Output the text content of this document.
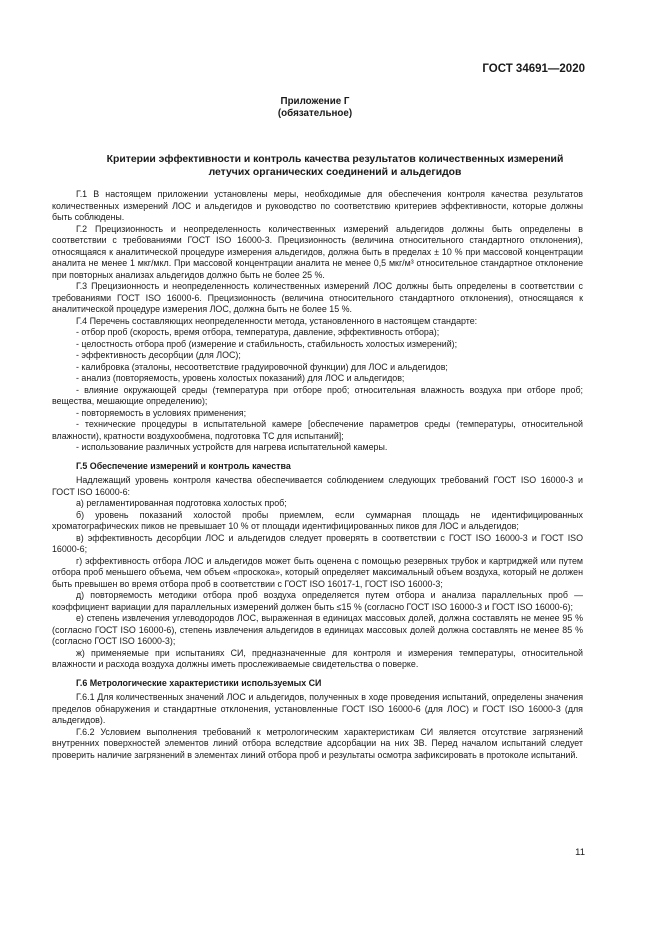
ГОСТ 34691—2020
Приложение Г
(обязательное)
Критерии эффективности и контроль качества результатов количественных измерений
летучих органических соединений и альдегидов

Г.1 В настоящем приложении установлены меры, необходимые для обеспечения контроля качества результатов количественных измерений ЛОС и альдегидов и руководство по соответствию критериев эффективности, которые должны быть соблюдены.

Г.2 Прецизионность и неопределенность количественных измерений альдегидов должны быть определены в соответствии с требованиями ГОСТ ISO 16000-3. Прецизионность (величина относительного стандартного отклонения), относящаяся к аналитической процедуре измерения альдегидов, должна быть в пределах ± 10 % при массовой концентрации аналита не менее 1 мкг/мкл. При массовой концентрации аналита не менее 0,5 мкг/м³ относительное стандартное отклонение при повторных анализах альдегидов должно быть не более 25 %.

Г.3 Прецизионность и неопределенность количественных измерений ЛОС должны быть определены в соответствии с требованиями ГОСТ ISO 16000-6. Прецизионность (величина относительного стандартного отклонения), относящаяся к аналитической процедуре измерения ЛОС, должна быть не более 15 %.

Г.4 Перечень составляющих неопределенности метода, установленного в настоящем стандарте:

- отбор проб (скорость, время отбора, температура, давление, эффективность отбора);

- целостность отбора проб (измерение и стабильность, стабильность холостых измерений);

- эффективность десорбции (для ЛОС);

- калибровка (эталоны, несоответствие градуировочной функции) для ЛОС и альдегидов;

- анализ (повторяемость, уровень холостых показаний) для ЛОС и альдегидов;

- влияние окружающей среды (температура при отборе проб; относительная влажность воздуха при отборе проб; вещества, мешающие определению);

- повторяемость в условиях применения;

- технические процедуры в испытательной камере [обеспечение параметров среды (температуры, относительной влажности), кратности воздухообмена, подготовка ТС для испытаний];

- использование различных устройств для нагрева испытательной камеры.

Г.5 Обеспечение измерений и контроль качества

Надлежащий уровень контроля качества обеспечивается соблюдением следующих требований ГОСТ ISO 16000-3 и ГОСТ ISO 16000-6:

а) регламентированная подготовка холостых проб;

б) уровень показаний холостой пробы приемлем, если суммарная площадь не идентифицированных хроматографических пиков не превышает 10 % от площади идентифицированных пиков для ЛОС и альдегидов;

в) эффективность десорбции ЛОС и альдегидов следует проверять в соответствии с ГОСТ ISO 16000-3 и ГОСТ ISO 16000-6;

г) эффективность отбора ЛОС и альдегидов может быть оценена с помощью резервных трубок и картриджей или путем отбора проб меньшего объема, чем объем «проскока», который определяет максимальный объем воздуха, который не должен быть превышен во время отбора проб в соответствии с ГОСТ ISO 16017-1, ГОСТ ISO 16000-3;

д) повторяемость методики отбора проб воздуха определяется путем отбора и анализа параллельных проб — коэффициент вариации для параллельных измерений должен быть ≤15 % (согласно ГОСТ ISO 16000-3 и ГОСТ ISO 16000-6);

е) степень извлечения углеводородов ЛОС, выраженная в единицах массовых долей, должна составлять не менее 95 % (согласно ГОСТ ISO 16000-6), степень извлечения альдегидов в единицах массовых долей должна составлять не менее 85 % (согласно ГОСТ ISO 16000-3);

ж) применяемые при испытаниях СИ, предназначенные для контроля и измерения температуры, относительной влажности и расхода воздуха должны иметь прослеживаемые свидетельства о поверке.

Г.6 Метрологические характеристики используемых СИ

Г.6.1 Для количественных значений ЛОС и альдегидов, полученных в ходе проведения испытаний, определены значения пределов обнаружения и стандартные отклонения, установленные ГОСТ ISO 16000-6 (для ЛОС) и ГОСТ ISO 16000-3 (для альдегидов).

Г.6.2 Условием выполнения требований к метрологическим характеристикам СИ является отсутствие загрязнений внутренних поверхностей элементов линий отбора вследствие адсорбации на них ЗВ. Перед началом испытаний следует проверить наличие загрязнений в элементах линий отбора проб и результаты осмотра зафиксировать в протоколе испытаний.

11
